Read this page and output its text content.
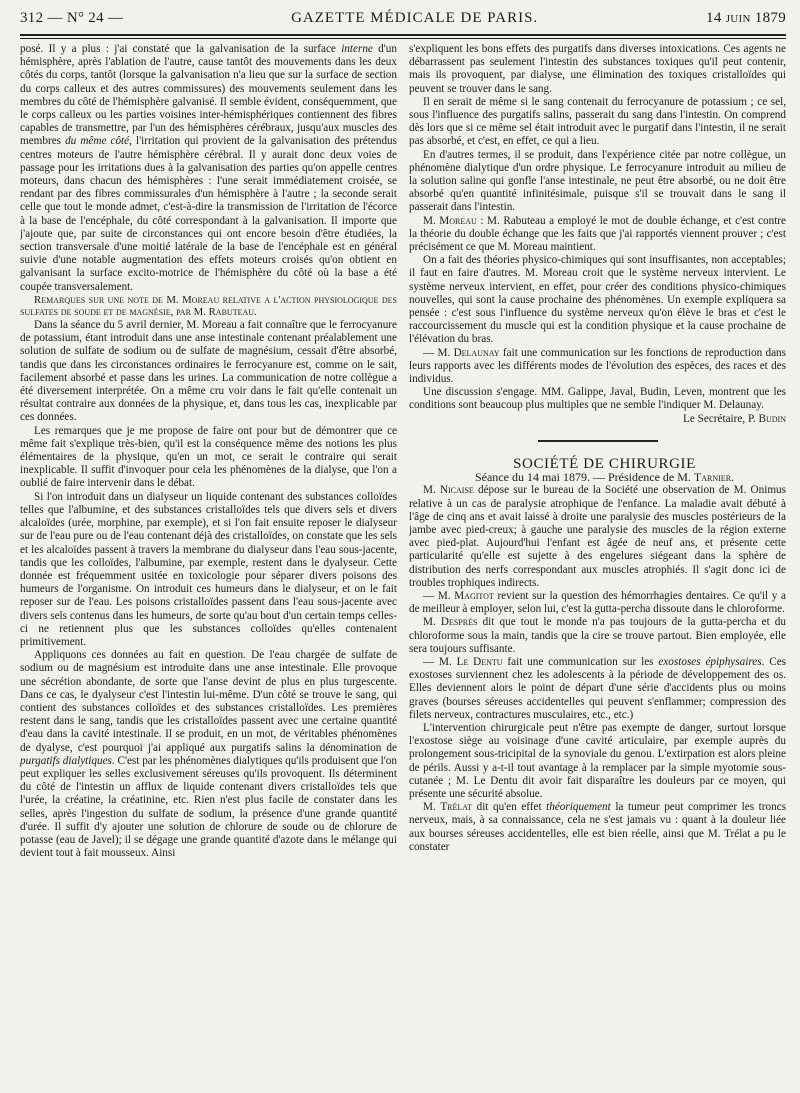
312 — N° 24 —	GAZETTE MÉDICALE DE PARIS.	14 juin 1879

posé. Il y a plus : j'ai constaté que la galvanisation de la surface interne d'un hémisphère, après l'ablation de l'autre, cause tantôt des mouvements dans les deux côtés du corps, tantôt (lorsque la galvanisation n'a lieu que sur la surface de section du corps calleux et des autres commissures) des mouvements seulement dans les membres du côté de l'hémisphère galvanisé. Il semble évident, conséquemment, que le corps calleux ou les parties voisines inter-hémisphériques contiennent des fibres capables de transmettre, par l'un des hémisphères cérébraux, jusqu'aux muscles des membres du même côté, l'irritation qui provient de la galvanisation des prétendus centres moteurs de l'autre hémisphère cérébral. Il y aurait donc deux voies de passage pour les irritations dues à la galvanisation des parties qu'on appelle centres moteurs, dans chacun des hémisphères : l'une serait immédiatement croisée, se rendant par des fibres commissurales d'un hémisphère à l'autre ; la seconde serait celle que tout le monde admet, c'est-à-dire la transmission de l'irritation de l'écorce à la base de l'encéphale, du côté correspondant à la galvanisation. Il importe que j'ajoute que, par suite de circonstances qui ont encore besoin d'être étudiées, la section transversale d'une moitié latérale de la base de l'encéphale est en général suivie d'une notable augmentation des effets moteurs croisés qu'on obtient en galvanisant la surface excito-motrice de l'hémisphère du côté où la base a été coupée transversalement.

Remarques sur une note de M. Moreau relative a l'action physiologique des sulfates de soude et de magnésie, par M. Rabuteau.

Dans la séance du 5 avril dernier, M. Moreau a fait connaître que le ferrocyanure de potassium, étant introduit dans une anse intestinale contenant préalablement une solution de sulfate de sodium ou de sulfate de magnésium, cessait d'être absorbé, tandis que dans les circonstances ordinaires le ferrocyanure est, comme on le sait, facilement absorbé et passe dans les urines. La communication de notre collègue a été diversement interprétée. On a même cru voir dans le fait qu'elle contenait un résultat contraire aux données de la physique, et, dans tous les cas, inexplicable par ces données.

Les remarques que je me propose de faire ont pour but de démontrer que ce même fait s'explique très-bien, qu'il est la conséquence même des notions les plus élémentaires de la physique, qu'en un mot, ce serait le contraire qui serait inexplicable. Il suffit d'invoquer pour cela les phénomènes de la dialyse, que l'on a oublié de faire intervenir dans le débat.

Si l'on introduit dans un dialyseur un liquide contenant des substances colloïdes telles que l'albumine, et des substances cristalloïdes tels que divers sels et divers alcaloïdes (urée, morphine, par exemple), et si l'on fait ensuite reposer le dialyseur sur de l'eau pure ou de l'eau contenant déjà des cristalloïdes, on constate que les sels et les alcaloïdes passent à travers la membrane du dialyseur dans l'eau sous-jacente, tandis que les colloïdes, l'albumine, par exemple, restent dans le dyalyseur. Cette donnée est fréquemment usitée en toxicologie pour séparer divers poisons des humeurs de l'organisme. On introduit ces humeurs dans le dialyseur, et on le fait reposer sur de l'eau. Les poisons cristalloïdes passent dans l'eau sous-jacente avec divers sels contenus dans les humeurs, de sorte qu'au bout d'un certain temps celles-ci ne retiennent plus que les substances colloïdes qu'elles contenaient primitivement.

Appliquons ces données au fait en question. De l'eau chargée de sulfate de sodium ou de magnésium est introduite dans une anse intestinale. Elle provoque une sécrétion abondante, de sorte que l'anse devint de plus en plus turgescente. Dans ce cas, le dyalyseur c'est l'intestin lui-même. D'un côté se trouve le sang, qui contient des substances colloïdes et des substances cristalloïdes. Les premières restent dans le sang, tandis que les cristalloïdes passent avec une certaine quantité d'eau dans la cavité intestinale. Il se produit, en un mot, de véritables phénomènes de dyalyse, c'est pourquoi j'ai appliqué aux purgatifs salins la dénomination de purgatifs dialytiques. C'est par les phénomènes dialytiques qu'ils produisent que l'on peut expliquer les selles exclusivement séreuses qu'ils provoquent. Ils déterminent du côté de l'intestin un afflux de liquide contenant divers cristalloïdes tels que l'urée, la créatine, la créatinine, etc. Rien n'est plus facile de constater dans les selles, après l'ingestion du sulfate de sodium, la présence d'une grande quantité d'urée. Il suffit d'y ajouter une solution de chlorure de soude ou de chlorure de potasse (eau de Javel); il se dégage une grande quantité d'azote dans le mélange qui devient tout à fait mousseux. Ainsi

s'expliquent les bons effets des purgatifs dans diverses intoxications. Ces agents ne débarrassent pas seulement l'intestin des substances toxiques qu'il peut contenir, mais ils provoquent, par dialyse, une élimination des toxiques cristalloïdes qui peuvent se trouver dans le sang.

Il en serait de même si le sang contenait du ferrocyanure de potassium ; ce sel, sous l'influence des purgatifs salins, passerait du sang dans l'intestin. On comprend dès lors que si ce même sel était introduit avec le purgatif dans l'intestin, il ne serait pas absorbé, et c'est, en effet, ce qui a lieu.

En d'autres termes, il se produit, dans l'expérience citée par notre collègue, un phénomène dialytique d'un ordre physique. Le ferrocyanure introduit au milieu de la solution saline qui gonfle l'anse intestinale, ne peut être absorbé, ou ne doit être absorbé qu'en quantité infinitésimale, puisque s'il se trouvait dans le sang il passerait dans l'intestin.

M. Moreau : M. Rabuteau a employé le mot de double échange, et c'est contre la théorie du double échange que les faits que j'ai rapportés viennent prouver ; c'est précisément ce que M. Moreau maintient.

On a fait des théories physico-chimiques qui sont insuffisantes, non acceptables; il faut en faire d'autres. M. Moreau croit que le système nerveux intervient. Le système nerveux intervient, en effet, pour créer des conditions physico-chimiques nouvelles, qui sont la cause prochaine des phénomènes. Un exemple expliquera sa pensée : c'est sous l'influence du système nerveux qu'on élève le bras et c'est le raccourcissement du muscle qui est la condition physique et la cause prochaine de l'élévation du bras.

— M. Delaunay fait une communication sur les fonctions de reproduction dans leurs rapports avec les différents modes de l'évolution des espèces, des races et des individus.

Une discussion s'engage. MM. Galippe, Javal, Budin, Leven, montrent que les conditions sont beaucoup plus multiples que ne semble l'indiquer M. Delaunay.

Le Secrétaire, P. Budin

SOCIÉTÉ DE CHIRURGIE

Séance du 14 mai 1879. — Présidence de M. Tarnier.

M. Nicaise dépose sur le bureau de la Société une observation de M. Onimus relative à un cas de paralysie atrophique de l'enfance. La maladie avait débuté à l'âge de cinq ans et avait laissé à droite une paralysie des muscles postérieurs de la jambe avec pied-creux; à gauche une paralysie des muscles de la région externe avec pied-plat. Aujourd'hui l'enfant est âgée de neuf ans, et présente cette particularité qu'elle est sujette à des engelures siégeant dans la sphère de distribution des nerfs correspondant aux muscles atrophiés. Il s'agit donc ici de troubles trophiques indirects.

— M. Magitot revient sur la question des hémorrhagies dentaires. Ce qu'il y a de meilleur à employer, selon lui, c'est la gutta-percha dissoute dans le chloroforme.

M. Després dit que tout le monde n'a pas toujours de la gutta-percha et du chloroforme sous la main, tandis que la cire se trouve partout. Bien employée, elle sera toujours suffisante.

— M. Le Dentu fait une communication sur les exostoses épiphysaires. Ces exostoses surviennent chez les adolescents à la période de développement des os. Elles deviennent alors le point de départ d'une série d'accidents plus ou moins graves (bourses séreuses accidentelles qui peuvent s'enflammer; compression des filets nerveux, contractures musculaires, etc., etc.)

L'intervention chirurgicale peut n'être pas exempte de danger, surtout lorsque l'exostose siège au voisinage d'une cavité articulaire, par exemple auprès du prolongement sous-tricipital de la synoviale du genou. L'extirpation est alors pleine de périls. Aussi y a-t-il tout avantage à la remplacer par la simple myotomie sous-cutanée ; M. Le Dentu dit avoir fait disparaître les douleurs par ce moyen, qui présente une sécurité absolue.

M. Trélat dit qu'en effet théoriquement la tumeur peut comprimer les troncs nerveux, mais, à sa connaissance, cela ne s'est jamais vu : quant à la douleur liée aux bourses séreuses accidentelles, elle est bien réelle, ainsi que M. Trélat a pu le constater
